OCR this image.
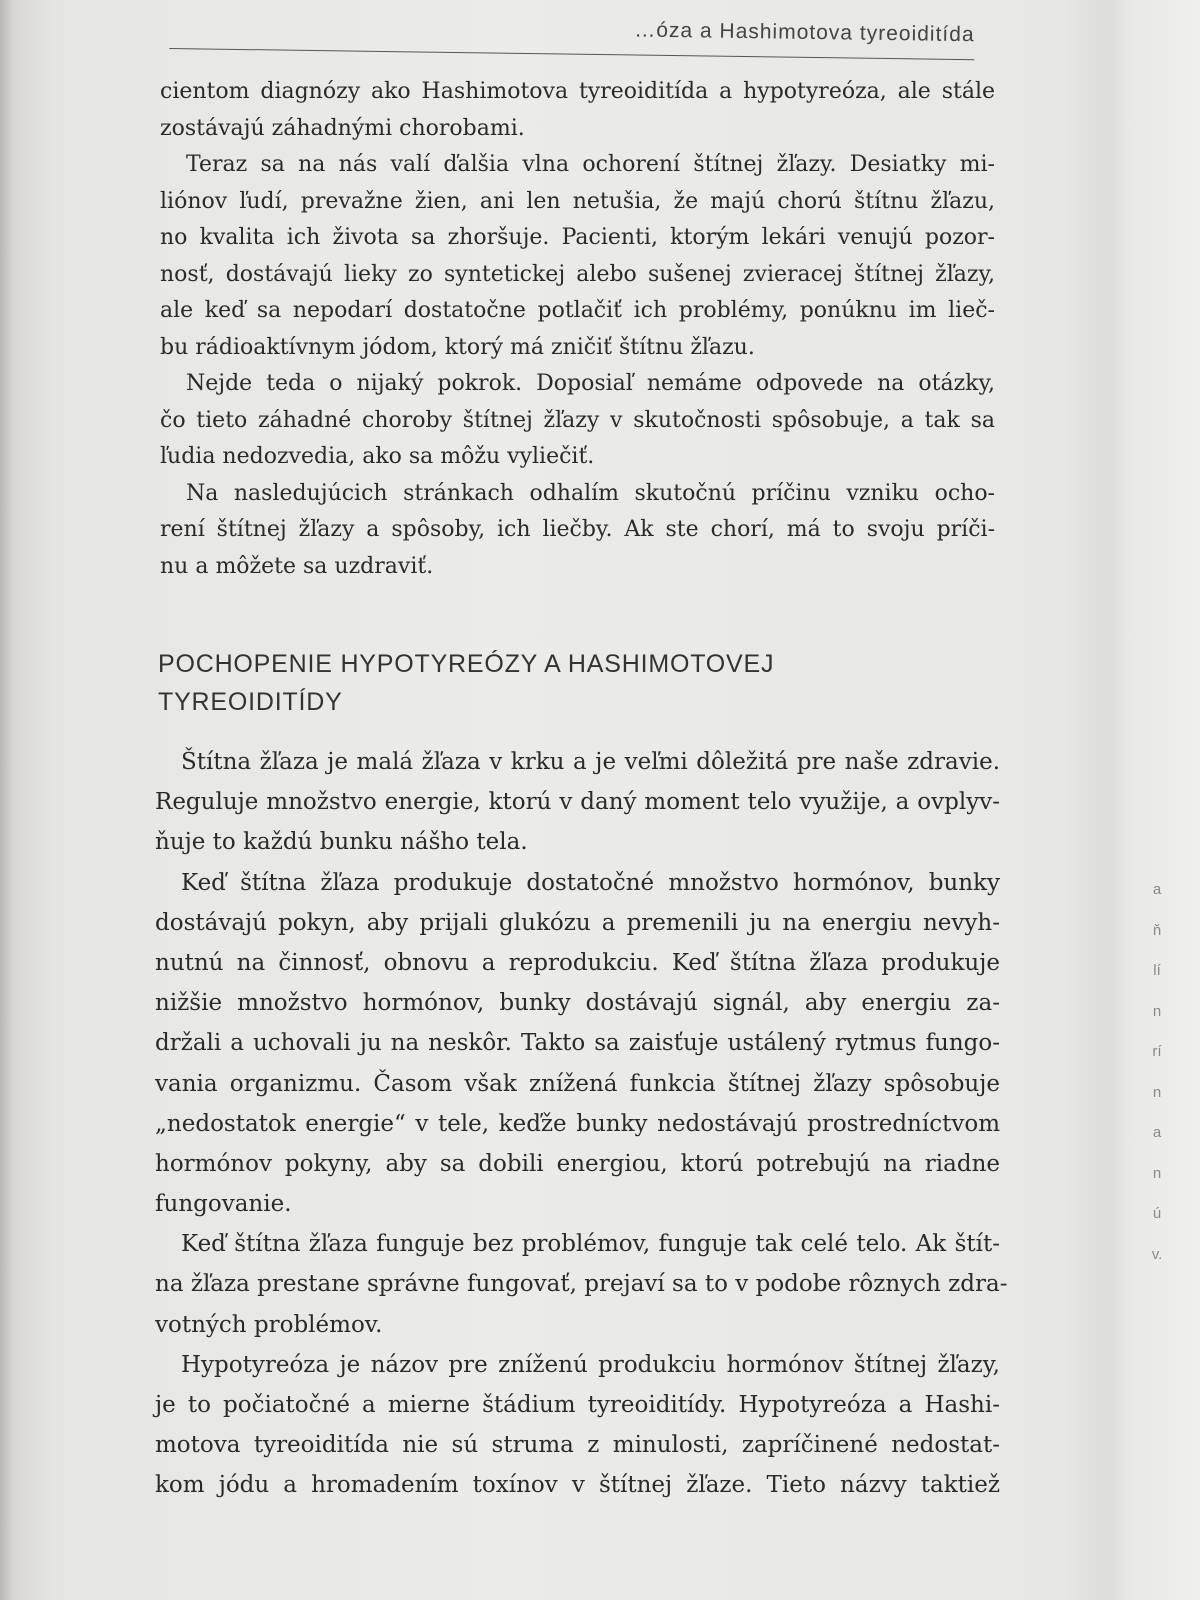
…óza a Hashimotova tyreoiditída
cientom diagnózy ako Hashimotova tyreoiditída a hypotyreóza, ale stále
zostávajú záhadnými chorobami.
Teraz sa na nás valí ďalšia vlna ochorení štítnej žľazy. Desiatky mi-
liónov ľudí, prevažne žien, ani len netušia, že majú chorú štítnu žľazu,
no kvalita ich života sa zhoršuje. Pacienti, ktorým lekári venujú pozor-
nosť, dostávajú lieky zo syntetickej alebo sušenej zvieracej štítnej žľazy,
ale keď sa nepodarí dostatočne potlačiť ich problémy, ponúknu im lieč-
bu rádioaktívnym jódom, ktorý má zničiť štítnu žľazu.
Nejde teda o nijaký pokrok. Doposiaľ nemáme odpovede na otázky,
čo tieto záhadné choroby štítnej žľazy v skutočnosti spôsobuje, a tak sa
ľudia nedozvedia, ako sa môžu vyliečiť.
Na nasledujúcich stránkach odhalím skutočnú príčinu vzniku ocho-
rení štítnej žľazy a spôsoby, ich liečby. Ak ste chorí, má to svoju príči-
nu a môžete sa uzdraviť.
POCHOPENIE HYPOTYREÓZY A HASHIMOTOVEJ
TYREOIDITÍDY
Štítna žľaza je malá žľaza v krku a je veľmi dôležitá pre naše zdravie.
Reguluje množstvo energie, ktorú v daný moment telo využije, a ovplyv-
ňuje to každú bunku nášho tela.
Keď štítna žľaza produkuje dostatočné množstvo hormónov, bunky
dostávajú pokyn, aby prijali glukózu a premenili ju na energiu nevyh-
nutnú na činnosť, obnovu a reprodukciu. Keď štítna žľaza produkuje
nižšie množstvo hormónov, bunky dostávajú signál, aby energiu za-
držali a uchovali ju na neskôr. Takto sa zaisťuje ustálený rytmus fungo-
vania organizmu. Časom však znížená funkcia štítnej žľazy spôsobuje
„nedostatok energie“ v tele, keďže bunky nedostávajú prostredníctvom
hormónov pokyny, aby sa dobili energiou, ktorú potrebujú na riadne
fungovanie.
Keď štítna žľaza funguje bez problémov, funguje tak celé telo. Ak štít-
na žľaza prestane správne fungovať, prejaví sa to v podobe rôznych zdra-
votných problémov.
Hypotyreóza je názov pre zníženú produkciu hormónov štítnej žľazy,
je to počiatočné a mierne štádium tyreoiditídy. Hypotyreóza a Hashi-
motova tyreoiditída nie sú struma z minulosti, zapríčinené nedostat-
kom jódu a hromadením toxínov v štítnej žľaze. Tieto názvy taktiež
a
ň
lí
n
rí
n
a
n
ú
v.
